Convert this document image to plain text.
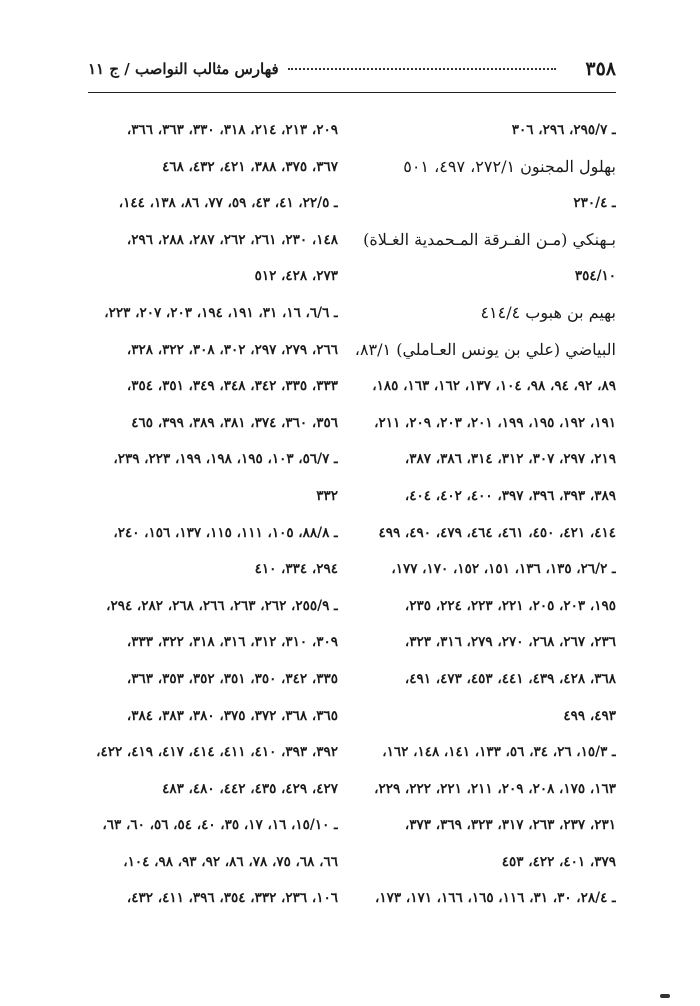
٣٥٨
فهارس مثالب النواصب / ج ١١
ـ ٢٩٥/٧، ٢٩٦، ٣٠٦
بهلول المجنون ٢٧٢/١، ٤٩٧، ٥٠١
ـ ٢٣٠/٤
بـهنكي (مـن الفـرقة المـحمدية الغـلاة)
٣٥٤/١٠
بهيم بن هبوب ٤١٤/٤
البياضي (علي بن يونس العـاملي) ٨٣/١،
٨٩، ٩٢، ٩٤، ٩٨، ١٠٤، ١٣٧، ١٦٢، ١٦٣، ١٨٥،
١٩١، ١٩٢، ١٩٥، ١٩٩، ٢٠١، ٢٠٣، ٢٠٩، ٢١١،
٢١٩، ٢٩٧، ٣٠٧، ٣١٢، ٣١٤، ٣٨٦، ٣٨٧،
٣٨٩، ٣٩٣، ٣٩٦، ٣٩٧، ٤٠٠، ٤٠٢، ٤٠٤،
٤١٤، ٤٢١، ٤٥٠، ٤٦١، ٤٦٤، ٤٧٩، ٤٩٠، ٤٩٩
ـ ٢٦/٢، ١٣٥، ١٣٦، ١٥١، ١٥٢، ١٧٠، ١٧٧،
١٩٥، ٢٠٣، ٢٠٥، ٢٢١، ٢٢٣، ٢٢٤، ٢٣٥،
٢٣٦، ٢٦٧، ٢٦٨، ٢٧٠، ٢٧٩، ٣١٦، ٣٢٣،
٣٦٨، ٤٢٨، ٤٣٩، ٤٤١، ٤٥٣، ٤٧٣، ٤٩١،
٤٩٣، ٤٩٩
ـ ١٥/٣، ٢٦، ٣٤، ٥٦، ١٣٣، ١٤١، ١٤٨، ١٦٢،
١٦٣، ١٧٥، ٢٠٨، ٢٠٩، ٢١١، ٢٢١، ٢٢٢، ٢٢٩،
٢٣١، ٢٣٧، ٢٦٣، ٣١٧، ٣٢٣، ٣٦٩، ٣٧٣،
٣٧٩، ٤٠١، ٤٢٢، ٤٥٣
ـ ٢٨/٤، ٣٠، ٣١، ١١٦، ١٦٥، ١٦٦، ١٧١، ١٧٣،
٢٠٩، ٢١٣، ٢١٤، ٣١٨، ٣٣٠، ٣٦٣، ٣٦٦،
٣٦٧، ٣٧٥، ٣٨٨، ٤٢١، ٤٣٢، ٤٦٨
ـ ٢٢/٥، ٤١، ٤٣، ٥٩، ٧٧، ٨٦، ١٣٨، ١٤٤،
١٤٨، ٢٣٠، ٢٦١، ٢٦٢، ٢٨٧، ٢٨٨، ٢٩٦،
٢٧٣، ٤٢٨، ٥١٢
ـ ٦/٦، ١٦، ٣١، ١٩١، ١٩٤، ٢٠٣، ٢٠٧، ٢٢٣،
٢٦٦، ٢٧٩، ٢٩٧، ٣٠٢، ٣٠٨، ٣٢٢، ٣٢٨،
٣٣٣، ٣٣٥، ٣٤٢، ٣٤٨، ٣٤٩، ٣٥١، ٣٥٤،
٣٥٦، ٣٦٠، ٣٧٤، ٣٨١، ٣٨٩، ٣٩٩، ٤٦٥
ـ ٥٦/٧، ١٠٣، ١٩٥، ١٩٨، ١٩٩، ٢٢٣، ٢٣٩،
٣٣٢
ـ ٨٨/٨، ١٠٥، ١١١، ١١٥، ١٣٧، ١٥٦، ٢٤٠،
٢٩٤، ٣٣٤، ٤١٠
ـ ٢٥٥/٩، ٢٦٢، ٢٦٣، ٢٦٦، ٢٦٨، ٢٨٢، ٢٩٤،
٣٠٩، ٣١٠، ٣١٢، ٣١٦، ٣١٨، ٣٢٢، ٣٣٣،
٣٣٥، ٣٤٢، ٣٥٠، ٣٥١، ٣٥٢، ٣٥٣، ٣٦٣،
٣٦٥، ٣٦٨، ٣٧٢، ٣٧٥، ٣٨٠، ٣٨٣، ٣٨٤،
٣٩٢، ٣٩٣، ٤١٠، ٤١١، ٤١٤، ٤١٧، ٤١٩، ٤٢٢،
٤٢٧، ٤٢٩، ٤٣٥، ٤٤٢، ٤٨٠، ٤٨٣
ـ ١٥/١٠، ١٦، ١٧، ٣٥، ٤٠، ٥٤، ٥٦، ٦٠، ٦٣،
٦٦، ٦٨، ٧٥، ٧٨، ٨٦، ٩٢، ٩٣، ٩٨، ١٠٤،
١٠٦، ٢٣٦، ٣٣٢، ٣٥٤، ٣٩٦، ٤١١، ٤٣٢،
